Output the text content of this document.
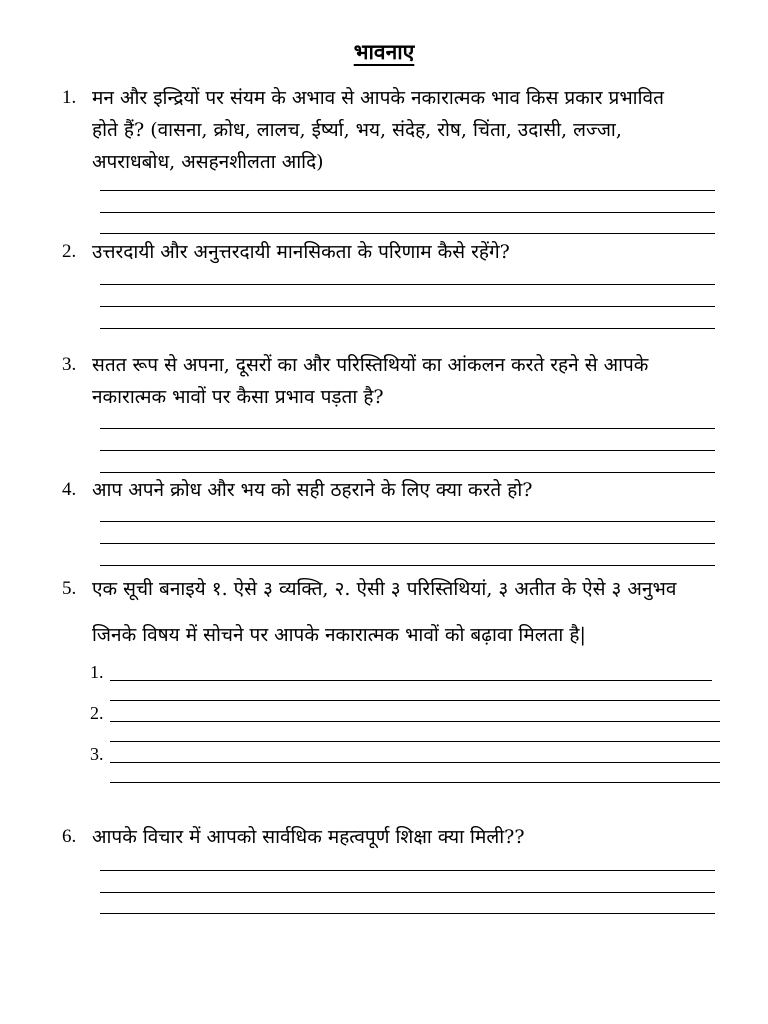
भावनाए
1. मन और इन्द्रियों पर संयम के अभाव से आपके नकारात्मक भाव किस प्रकार प्रभावित
होते हैं? (वासना, क्रोध, लालच, ईर्ष्या, भय, संदेह, रोष, चिंता, उदासी, लज्जा,
अपराधबोध, असहनशीलता आदि)
2. उत्तरदायी और अनुत्तरदायी मानसिकता के परिणाम कैसे रहेंगे?
3. सतत रूप से अपना, दूसरों का और परिस्तिथियों का आंकलन करते रहने से आपके
नकारात्मक भावों पर कैसा प्रभाव पड़ता है?
4. आप अपने क्रोध और भय को सही ठहराने के लिए क्या करते हो?
5. एक सूची बनाइये १. ऐसे ३ व्यक्ति, २. ऐसी ३ परिस्तिथियां, ३ अतीत के ऐसे ३ अनुभव
जिनके विषय में सोचने पर आपके नकारात्मक भावों को बढ़ावा मिलता है|
1.
2.
3.
6. आपके विचार में आपको सार्वधिक महत्वपूर्ण शिक्षा क्या मिली??
